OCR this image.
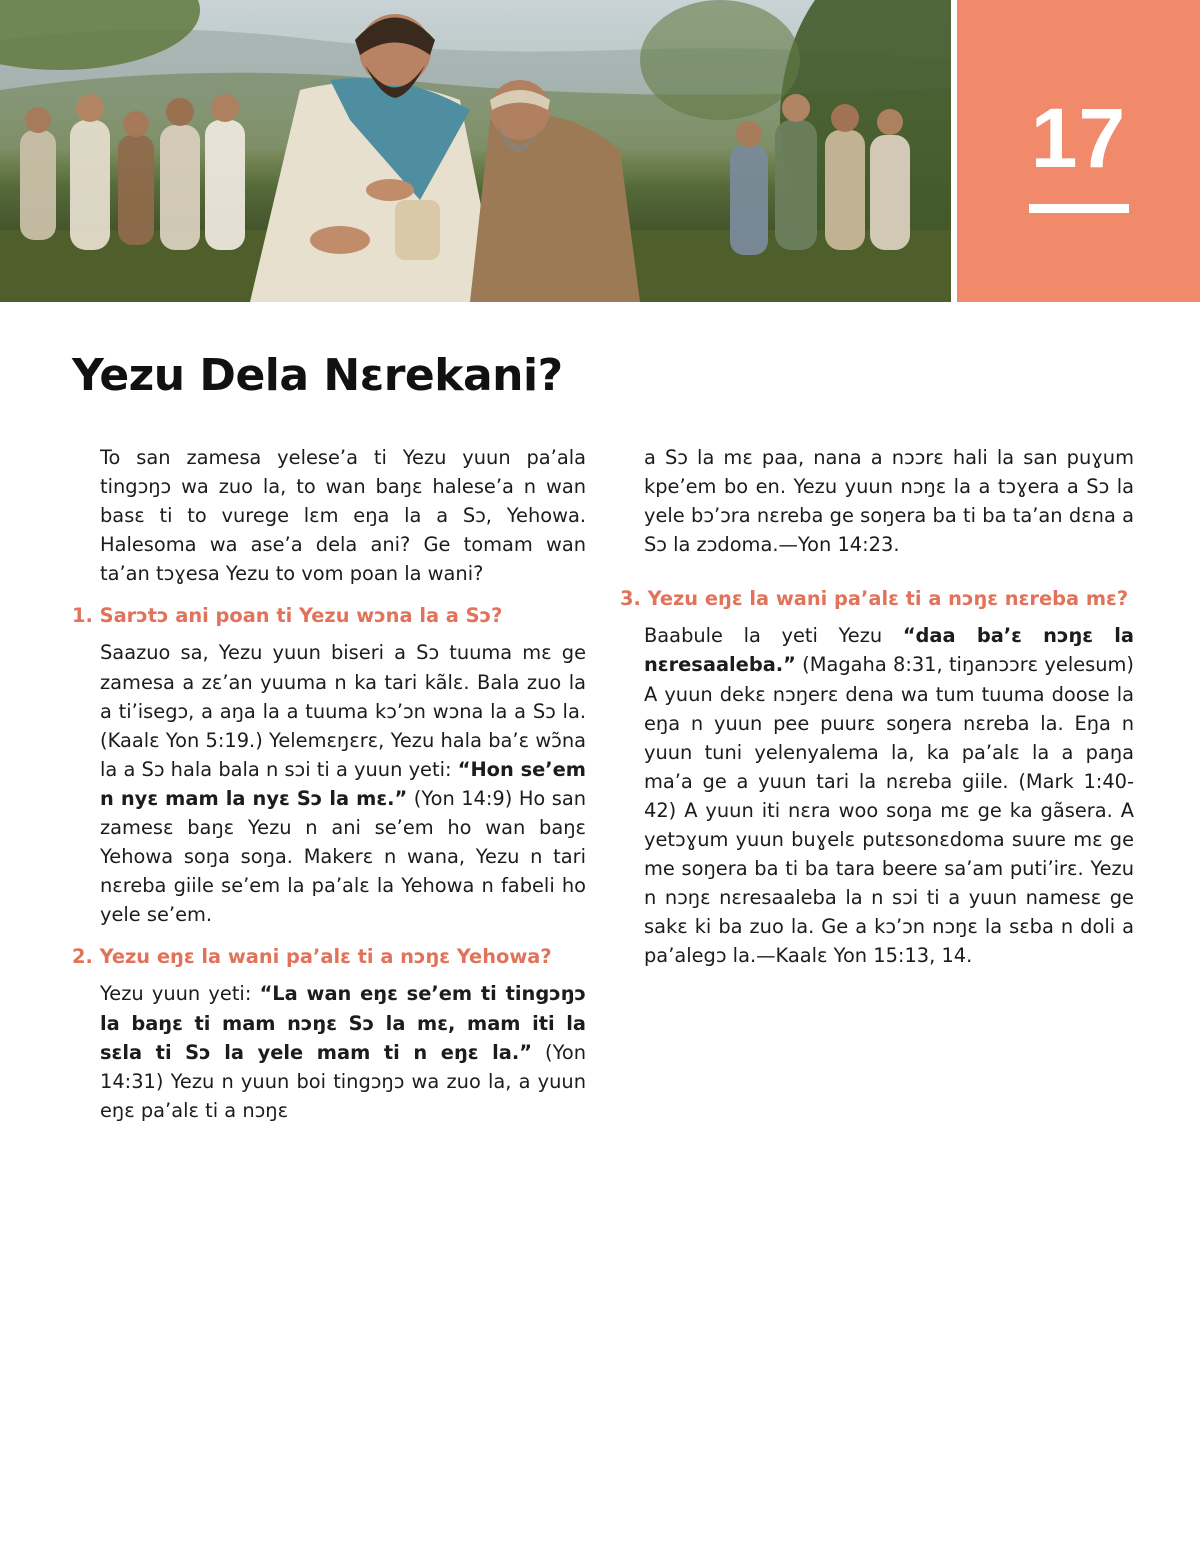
17
Yezu Dela Nɛrekani?

To san zamesa yelese’a ti Yezu yuun pa’ala tingɔŋɔ wa zuo la, to wan baŋɛ halese’a n wan basɛ ti to vurege lɛm eŋa la a Sɔ, Yehowa. Halesoma wa ase’a dela ani? Ge tomam wan ta’an tɔɣesa Yezu to vom poan la wani?

1. Sarɔtɔ ani poan ti Yezu wɔna la a Sɔ?

Saazuo sa, Yezu yuun biseri a Sɔ tuuma mɛ ge zamesa a zɛ’an yuuma n ka tari kãlɛ. Bala zuo la a ti’isegɔ, a aŋa la a tuuma kɔ’ɔn wɔna la a Sɔ la. (Kaalɛ Yon 5:19.) Yelemɛŋɛrɛ, Yezu hala ba’ɛ wɔ̃na la a Sɔ hala bala n sɔi ti a yuun yeti: “Hon se’em n nyɛ mam la nyɛ Sɔ la mɛ.” (Yon 14:9) Ho san zamesɛ baŋɛ Yezu n ani se’em ho wan baŋɛ Yehowa soŋa soŋa. Makerɛ n wana, Yezu n tari nɛreba giile se’em la pa’alɛ la Yehowa n fabeli ho yele se’em.

2. Yezu eŋɛ la wani pa’alɛ ti a nɔŋɛ Yehowa?

Yezu yuun yeti: “La wan eŋɛ se’em ti tingɔŋɔ la baŋɛ ti mam nɔŋɛ Sɔ la mɛ, mam iti la sɛla ti Sɔ la yele mam ti n eŋɛ la.” (Yon 14:31) Yezu n yuun boi tingɔŋɔ wa zuo la, a yuun eŋɛ pa’alɛ ti a nɔŋɛ

a Sɔ la mɛ paa, nana a nɔɔrɛ hali la san puɣum kpe’em bo en. Yezu yuun nɔŋɛ la a tɔɣera a Sɔ la yele bɔ’ɔra nɛreba ge soŋera ba ti ba ta’an dɛna a Sɔ la zɔdoma.—Yon 14:23.

3. Yezu eŋɛ la wani pa’alɛ ti a nɔŋɛ nɛreba mɛ?

Baabule la yeti Yezu “daa ba’ɛ nɔŋɛ la nɛresaaleba.” (Magaha 8:31, tiŋanɔɔrɛ yelesum) A yuun dekɛ nɔŋerɛ dena wa tum tuuma doose la eŋa n yuun pee puurɛ soŋera nɛreba la. Eŋa n yuun tuni yelenyalema la, ka pa’alɛ la a paŋa ma’a ge a yuun tari la nɛreba giile. (Mark 1:40-42) A yuun iti nɛra woo soŋa mɛ ge ka gãsera. A yetɔɣum yuun buɣelɛ putɛsonɛdoma suure mɛ ge me soŋera ba ti ba tara beere sa’am puti’irɛ. Yezu n nɔŋɛ nɛresaaleba la n sɔi ti a yuun namesɛ ge sakɛ ki ba zuo la. Ge a kɔ’ɔn nɔŋɛ la sɛba n doli a pa’alegɔ la.—Kaalɛ Yon 15:13, 14.
